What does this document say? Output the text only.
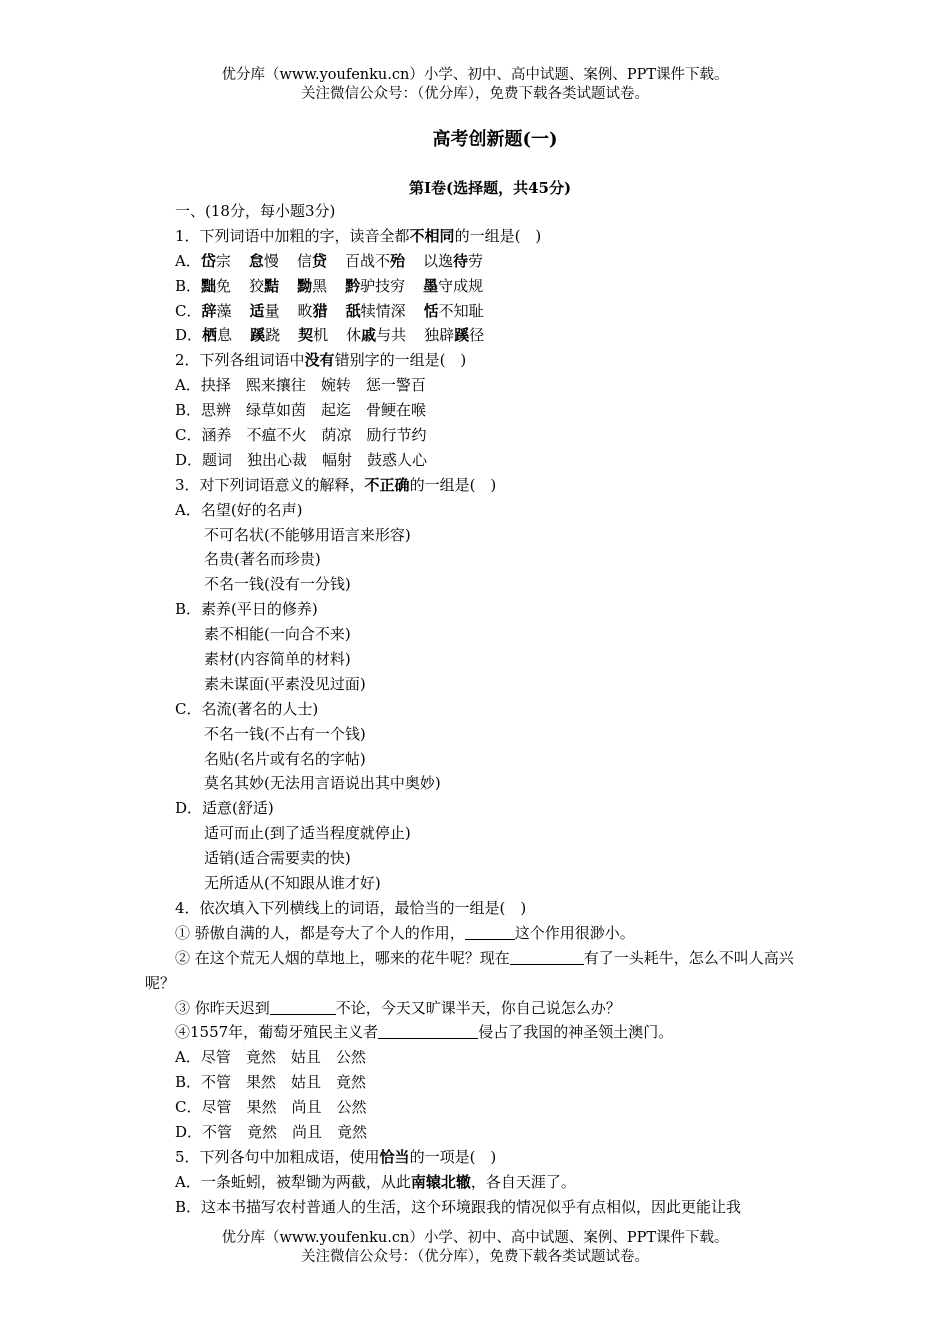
优分库（www.youfenku.cn）小学、初中、高中试题、案例、PPT课件下载。
关注微信公众号：（优分库），免费下载各类试题试卷。
高考创新题(一)
第Ⅰ卷(选择题，共45分)
一、(18分，每小题3分)
1．下列词语中加粗的字，读音全都不相同的一组是(　)
A．岱宗 怠慢 信贷 百战不殆 以逸待劳
B．黜免 狡黠 黝黑 黔驴技穷 墨守成规
C．辞藻 适量 畋猎 舐犊情深 恬不知耻
D．栖息 蹊跷 契机 休戚与共 独辟蹊径
2．下列各组词语中没有错别字的一组是(　)
A．抉择　熙来攘往　婉转　惩一警百
B．思辨　绿草如茵　起迄　骨鲠在喉
C．涵养　不瘟不火　荫凉　励行节约
D．题词　独出心裁　幅射　鼓惑人心
3．对下列词语意义的解释，不正确的一组是(　)
A．名望(好的名声)
不可名状(不能够用语言来形容)
名贵(著名而珍贵)
不名一钱(没有一分钱)
B．素养(平日的修养)
素不相能(一向合不来)
素材(内容简单的材料)
素未谋面(平素没见过面)
C．名流(著名的人士)
不名一钱(不占有一个钱)
名贴(名片或有名的字帖)
莫名其妙(无法用言语说出其中奥妙)
D．适意(舒适)
适可而止(到了适当程度就停止)
适销(适合需要卖的快)
无所适从(不知跟从谁才好)
4．依次填入下列横线上的词语，最恰当的一组是(　)
① 骄傲自满的人，都是夸大了个人的作用，	这个作用很渺小。
② 在这个荒无人烟的草地上，哪来的花牛呢？现在	有了一头耗牛，怎么不叫人高兴呢？
③ 你昨天迟到	不论，今天又旷课半天，你自己说怎么办？
④1557年，葡萄牙殖民主义者	侵占了我国的神圣领土澳门。
A．尽管　竟然　姑且　公然
B．不管　果然　姑且　竟然
C．尽管　果然　尚且　公然
D．不管　竟然　尚且　竟然
5．下列各句中加粗成语，使用恰当的一项是(　)
A．一条蚯蚓，被犁锄为两截，从此南辕北辙，各自天涯了。
B．这本书描写农村普通人的生活，这个环境跟我的情况似乎有点相似，因此更能让我
优分库（www.youfenku.cn）小学、初中、高中试题、案例、PPT课件下载。
关注微信公众号：（优分库），免费下载各类试题试卷。
